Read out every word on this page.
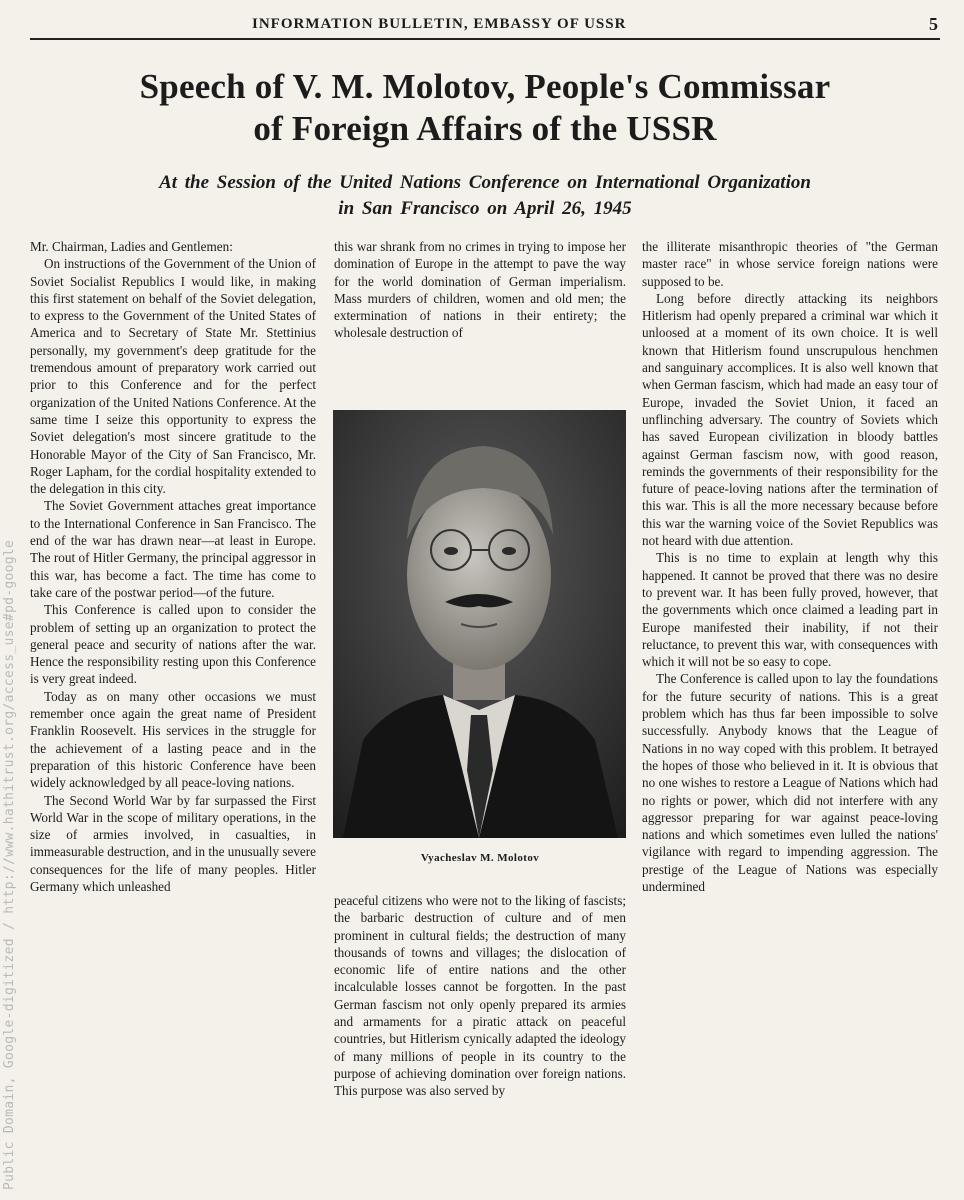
Public Domain, Google-digitized / http://www.hathitrust.org/access_use#pd-google
INFORMATION BULLETIN, EMBASSY OF USSR	5
Speech of V. M. Molotov, People's Commissar
of Foreign Affairs of the USSR
At the Session of the United Nations Conference on International Organization
in San Francisco on April 26, 1945

Mr. Chairman, Ladies and Gentlemen:

On instructions of the Government of the Union of Soviet Socialist Republics I would like, in making this first statement on behalf of the Soviet delegation, to express to the Government of the United States of America and to Secretary of State Mr. Stettinius personally, my government's deep gratitude for the tremendous amount of preparatory work carried out prior to this Conference and for the perfect organization of the United Nations Conference. At the same time I seize this opportunity to express the Soviet delegation's most sincere gratitude to the Honorable Mayor of the City of San Francisco, Mr. Roger Lapham, for the cordial hospitality extended to the delegation in this city.

The Soviet Government attaches great importance to the International Conference in San Francisco. The end of the war has drawn near—at least in Europe. The rout of Hitler Germany, the principal aggressor in this war, has become a fact. The time has come to take care of the postwar period—of the future.

This Conference is called upon to consider the problem of setting up an organization to protect the general peace and security of nations after the war. Hence the responsibility resting upon this Conference is very great indeed.

Today as on many other occasions we must remember once again the great name of President Franklin Roosevelt. His services in the struggle for the achievement of a lasting peace and in the preparation of this historic Conference have been widely acknowledged by all peace-loving nations.

The Second World War by far surpassed the First World War in the scope of military operations, in the size of armies involved, in casualties, in immeasurable destruction, and in the unusually severe consequences for the life of many peoples. Hitler Germany which unleashed

this war shrank from no crimes in trying to impose her domination of Europe in the attempt to pave the way for the world domination of German imperialism. Mass murders of children, women and old men; the extermination of nations in their entirety; the wholesale destruction of

Vyacheslav M. Molotov

peaceful citizens who were not to the liking of fascists; the barbaric destruction of culture and of men prominent in cultural fields; the destruction of many thousands of towns and villages; the dislocation of economic life of entire nations and the other incalculable losses cannot be forgotten. In the past German fascism not only openly prepared its armies and armaments for a piratic attack on peaceful countries, but Hitlerism cynically adapted the ideology of many millions of people in its country to the purpose of achieving domination over foreign nations. This purpose was also served by

the illiterate misanthropic theories of "the German master race" in whose service foreign nations were supposed to be.

Long before directly attacking its neighbors Hitlerism had openly prepared a criminal war which it unloosed at a moment of its own choice. It is well known that Hitlerism found unscrupulous henchmen and sanguinary accomplices. It is also well known that when German fascism, which had made an easy tour of Europe, invaded the Soviet Union, it faced an unflinching adversary. The country of Soviets which has saved European civilization in bloody battles against German fascism now, with good reason, reminds the governments of their responsibility for the future of peace-loving nations after the termination of this war. This is all the more necessary because before this war the warning voice of the Soviet Republics was not heard with due attention.

This is no time to explain at length why this happened. It cannot be proved that there was no desire to prevent war. It has been fully proved, however, that the governments which once claimed a leading part in Europe manifested their inability, if not their reluctance, to prevent this war, with consequences with which it will not be so easy to cope.

The Conference is called upon to lay the foundations for the future security of nations. This is a great problem which has thus far been impossible to solve successfully. Anybody knows that the League of Nations in no way coped with this problem. It betrayed the hopes of those who believed in it. It is obvious that no one wishes to restore a League of Nations which had no rights or power, which did not interfere with any aggressor preparing for war against peace-loving nations and which sometimes even lulled the nations' vigilance with regard to impending aggression. The prestige of the League of Nations was especially undermined
